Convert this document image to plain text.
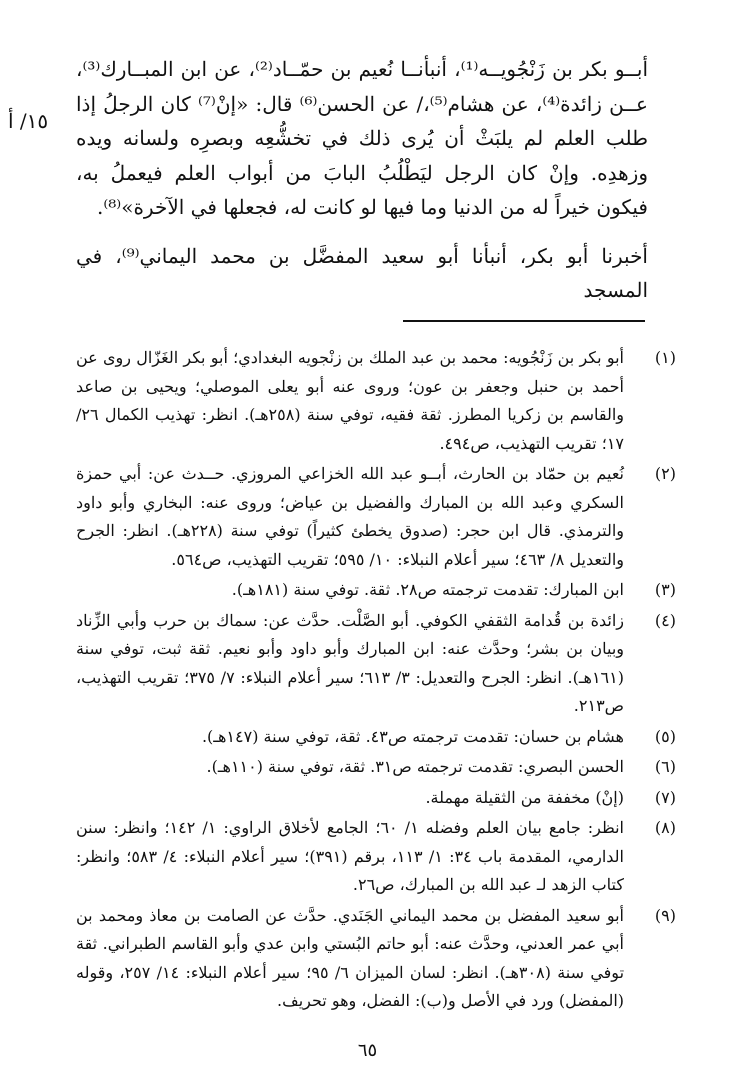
١٥/ أ

أبــو بكر بن زَنْجُويــه⁽¹⁾، أنبأنــا نُعيم بن حمّــاد⁽²⁾، عن ابن المبــارك⁽³⁾، عــن زائدة⁽⁴⁾، عن هشام⁽⁵⁾،/ عن الحسن⁽⁶⁾ قال: «إنْ⁽⁷⁾ كان الرجلُ إذا طلب العلم لم يلبَثْ أن يُرى ذلك في تخشُّعِه وبصرِه ولسانه ويده وزهدِه. وإنْ كان الرجل ليَطْلُبُ البابَ من أبواب العلم فيعملُ به، فيكون خيراً له من الدنيا وما فيها لو كانت له، فجعلها في الآخرة»⁽⁸⁾.

أخبرنا أبو بكر، أنبأنا أبو سعيد المفضَّل بن محمد اليماني⁽⁹⁾، في المسجد

(١)
أبو بكر بن زَنْجُويه: محمد بن عبد الملك بن زنْجويه البغدادي؛ أبو بكر الغَزّال روى عن أحمد بن حنبل وجعفر بن عون؛ وروى عنه أبو يعلى الموصلي؛ ويحيى بن صاعد والقاسم بن زكريا المطرز. ثقة فقيه، توفي سنة (٢٥٨هـ). انظر: تهذيب الكمال ٢٦/ ١٧؛ تقريب التهذيب، ص٤٩٤.
(٢)
نُعيم بن حمّاد بن الحارث، أبــو عبد الله الخزاعي المروزي. حــدث عن: أبي حمزة السكري وعبد الله بن المبارك والفضيل بن عياض؛ وروى عنه: البخاري وأبو داود والترمذي. قال ابن حجر: (صدوق يخطئ كثيراً) توفي سنة (٢٢٨هـ). انظر: الجرح والتعديل ٨/ ٤٦٣؛ سير أعلام النبلاء: ١٠/ ٥٩٥؛ تقريب التهذيب، ص٥٦٤.
(٣)
ابن المبارك: تقدمت ترجمته ص٢٨. ثقة. توفي سنة (١٨١هـ).
(٤)
زائدة بن قُدامة الثقفي الكوفي. أبو الصَّلْت. حدَّث عن: سماك بن حرب وأبي الزِّناد وبيان بن بشر؛ وحدَّث عنه: ابن المبارك وأبو داود وأبو نعيم. ثقة ثبت، توفي سنة (١٦١هـ). انظر: الجرح والتعديل: ٣/ ٦١٣؛ سير أعلام النبلاء: ٧/ ٣٧٥؛ تقريب التهذيب، ص٢١٣.
(٥)
هشام بن حسان: تقدمت ترجمته ص٤٣. ثقة، توفي سنة (١٤٧هـ).
(٦)
الحسن البصري: تقدمت ترجمته ص٣١. ثقة، توفي سنة (١١٠هـ).
(٧)
(إنْ) مخففة من الثقيلة مهملة.
(٨)
انظر: جامع بيان العلم وفضله ١/ ٦٠؛ الجامع لأخلاق الراوي: ١/ ١٤٢؛ وانظر: سنن الدارمي، المقدمة باب ٣٤: ١/ ١١٣، برقم (٣٩١)؛ سير أعلام النبلاء: ٤/ ٥٨٣؛ وانظر: كتاب الزهد لـ عبد الله بن المبارك، ص٢٦.
(٩)
أبو سعيد المفضل بن محمد اليماني الجَنَدي. حدَّث عن الصامت بن معاذ ومحمد بن أبي عمر العدني، وحدَّث عنه: أبو حاتم البُستي وابن عدي وأبو القاسم الطبراني. ثقة توفي سنة (٣٠٨هـ). انظر: لسان الميزان ٦/ ٩٥؛ سير أعلام النبلاء: ١٤/ ٢٥٧، وقوله (المفضل) ورد في الأصل و(ب): الفضل، وهو تحريف.
٦٥
